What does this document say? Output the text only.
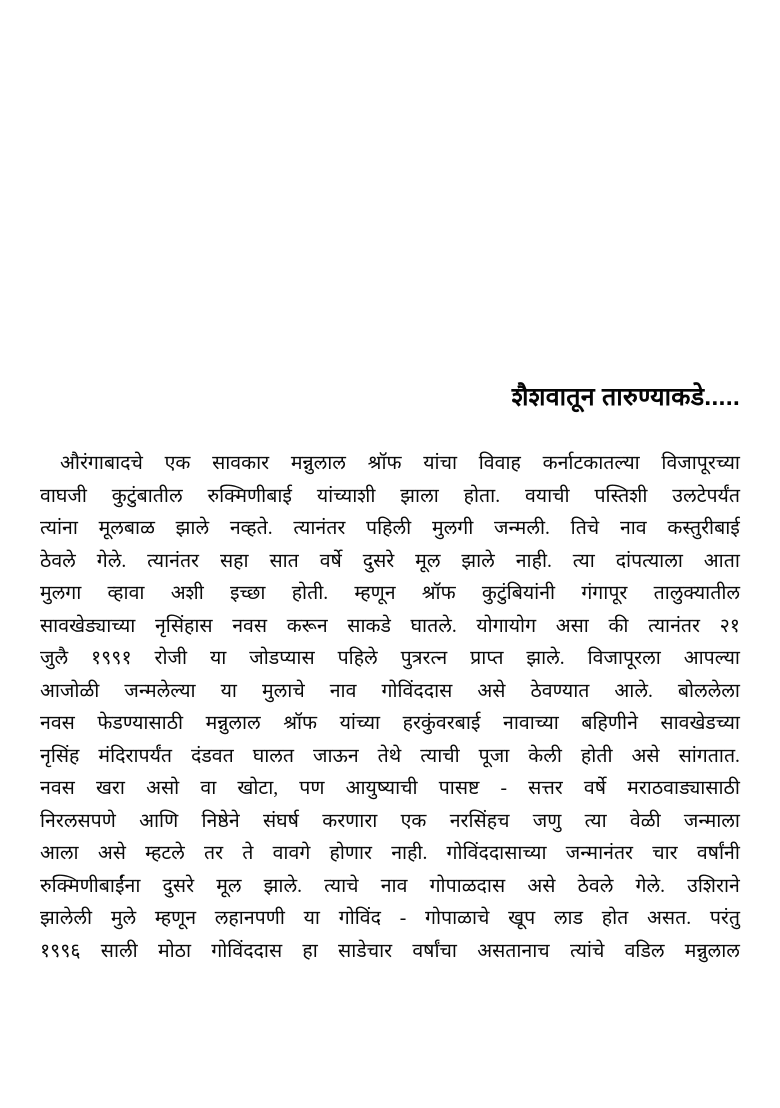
शैशवातून तारुण्याकडे.....
औरंगाबादचे एक सावकार मन्नुलाल श्रॉफ यांचा विवाह कर्नाटकातल्या विजापूरच्या
वाघजी कुटुंबातील रुक्मिणीबाई यांच्याशी झाला होता. वयाची पस्तिशी उलटेपर्यंत
त्यांना मूलबाळ झाले नव्हते. त्यानंतर पहिली मुलगी जन्मली. तिचे नाव कस्तुरीबाई
ठेवले गेले. त्यानंतर सहा सात वर्षे दुसरे मूल झाले नाही. त्या दांपत्याला आता
मुलगा व्हावा अशी इच्छा होती. म्हणून श्रॉफ कुटुंबियांनी गंगापूर तालुक्यातील
सावखेड्याच्या नृसिंहास नवस करून साकडे घातले. योगायोग असा की त्यानंतर २१
जुलै १९९१ रोजी या जोडप्यास पहिले पुत्ररत्न प्राप्त झाले. विजापूरला आपल्या
आजोळी जन्मलेल्या या मुलाचे नाव गोविंददास असे ठेवण्यात आले. बोललेला
नवस फेडण्यासाठी मन्नुलाल श्रॉफ यांच्या हरकुंवरबाई नावाच्या बहिणीने सावखेडच्या
नृसिंह मंदिरापर्यंत दंडवत घालत जाऊन तेथे त्याची पूजा केली होती असे सांगतात.
नवस खरा असो वा खोटा, पण आयुष्याची पासष्ट - सत्तर वर्षे मराठवाड्यासाठी
निरलसपणे आणि निष्ठेने संघर्ष करणारा एक नरसिंहच जणु त्या वेळी जन्माला
आला असे म्हटले तर ते वावगे होणार नाही. गोविंददासाच्या जन्मानंतर चार वर्षांनी
रुक्मिणीबाईंना दुसरे मूल झाले. त्याचे नाव गोपाळदास असे ठेवले गेले. उशिराने
झालेली मुले म्हणून लहानपणी या गोविंद - गोपाळाचे खूप लाड होत असत. परंतु
१९९६ साली मोठा गोविंददास हा साडेचार वर्षांचा असतानाच त्यांचे वडिल मन्नुलाल
